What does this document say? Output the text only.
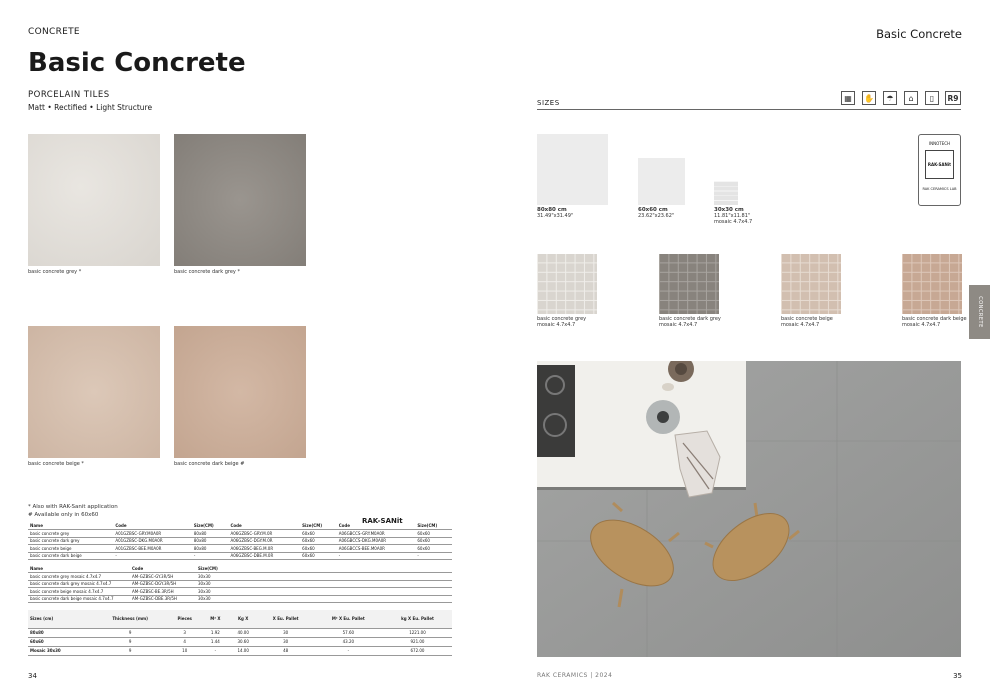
CONCRETE
Basic Concrete
PORCELAIN TILES
Matt • Rectified • Light Structure
basic concrete grey *	basic concrete dark grey *
basic concrete beige *	basic concrete dark beige #
* Also with RAK-Sanit application
# Available only in 60x60
RAK-SANit
Name	Code	Size(CM)	Code	Size(CM)	Code	Size(CM)
basic concrete grey	A01GZBSC-GRY.M0A0R	80x80	A06GZBSC-GRY.M.0R	60x60	A06GBCCS-GRY.M0A0R	60x60
basic concrete dark grey	A01GZBSC-DKG.M0A0R	80x80	A06GZBSC-DGY.M.0R	60x60	A06GBCCS-DKG.M0A0R	60x60
basic concrete beige	A01GZBSC-BEE.M0A0R	80x80	A06GZBSC-BEG.M.0R	60x60	A06GBCCS-BEE.M0A0R	60x60
basic concrete dark beige	-	-	A06GZBSC-DBE.M.0R	60x60	-	-
Name	Code	Size(CM)
basic concrete grey mosaic 4.7x4.7	AM-GZBSC-GY.3R/5H	30x30
basic concrete dark grey mosaic 4.7x4.7	AM-GZBSC-DGY.3R/5H	30x30
basic concrete beige mosaic 4.7x4.7	AM-GZBSC-BE.3R/5H	30x30
basic concrete dark beige mosaic 4.7x4.7	AM-GZBSC-DBE.3R/5H	30x30
Sizes (cm)	Thickness (mm)	Pieces	M² X	Kg X	X Eu. Pallet	M² X Eu. Pallet	kg X Eu. Pallet
80x80	9	3	1.92	40.00	30	57.60	1221.00
60x60	9	4	1.44	30.60	30	43.20	921.00
Mosaic 30x30	9	10	-	14.00	48	-	672.00
34
Basic Concrete
SIZES
▦	✋	☂	⌂	▯	R9
80x80 cm
31.49"x31.49"
60x60 cm
23.62"x23.62"
30x30 cm
11.81"x11.81"
mosaic 4.7x4.7
INNOTECH
RAK-SANit
RAK CERAMICS LAB
basic concrete grey
mosaic 4.7x4.7
basic concrete dark grey
mosaic 4.7x4.7
basic concrete beige
mosaic 4.7x4.7
basic concrete dark beige
mosaic 4.7x4.7	CONCRETE
RAK CERAMICS | 2024	35
